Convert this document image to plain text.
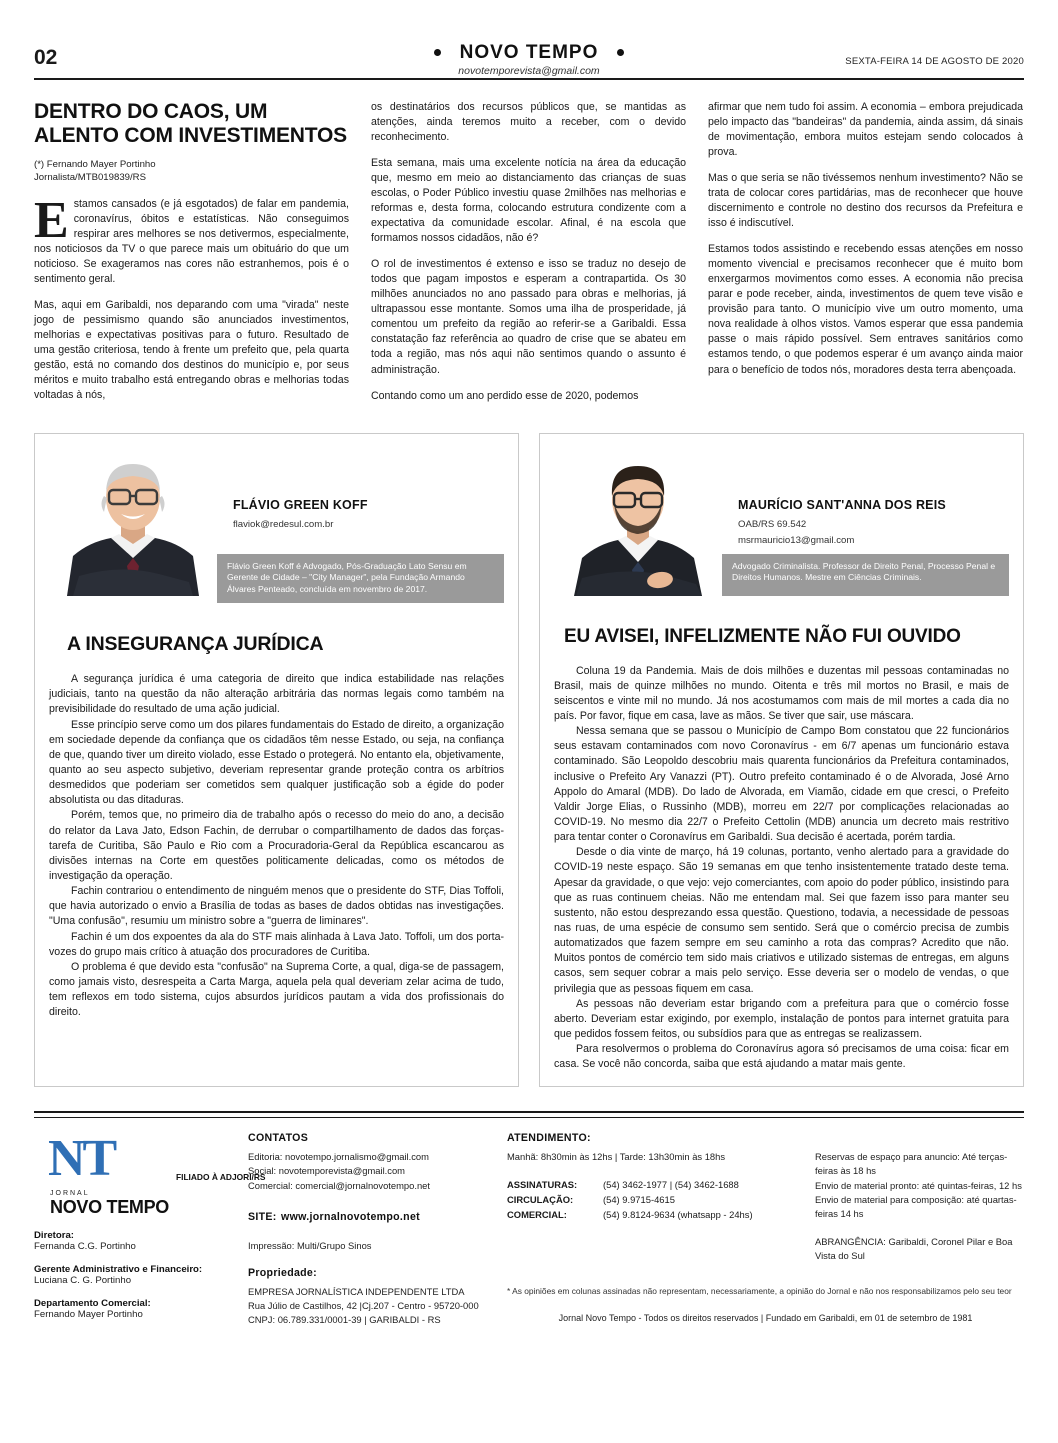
02	NOVO TEMPO
novotemporevista@gmail.com
SEXTA-FEIRA 14 DE AGOSTO DE 2020
DENTRO DO CAOS, UM ALENTO COM INVESTIMENTOS
(*) Fernando Mayer Portinho
Jornalista/MTB019839/RS

Estamos cansados (e já esgotados) de falar em pandemia, coronavírus, óbitos e estatísticas. Não conseguimos respirar ares melhores se nos detivermos, especialmente, nos noticiosos da TV o que parece mais um obituário do que um noticioso. Se exageramos nas cores não estranhemos, pois é o sentimento geral.

Mas, aqui em Garibaldi, nos deparando com uma "virada" neste jogo de pessimismo quando são anunciados investimentos, melhorias e expectativas positivas para o futuro. Resultado de uma gestão criteriosa, tendo à frente um prefeito que, pela quarta gestão, está no comando dos destinos do município e, por seus méritos e muito trabalho está entregando obras e melhorias todas voltadas à nós,

os destinatários dos recursos públicos que, se mantidas as atenções, ainda teremos muito a receber, com o devido reconhecimento.

Esta semana, mais uma excelente notícia na área da educação que, mesmo em meio ao distanciamento das crianças de suas escolas, o Poder Público investiu quase 2milhões nas melhorias e reformas e, desta forma, colocando estrutura condizente com a expectativa da comunidade escolar. Afinal, é na escola que formamos nossos cidadãos, não é?

O rol de investimentos é extenso e isso se traduz no desejo de todos que pagam impostos e esperam a contrapartida. Os 30 milhões anunciados no ano passado para obras e melhorias, já ultrapassou esse montante. Somos uma ilha de prosperidade, já comentou um prefeito da região ao referir-se a Garibaldi. Essa constatação faz referência ao quadro de crise que se abateu em toda a região, mas nós aqui não sentimos quando o assunto é administração.

Contando como um ano perdido esse de 2020, podemos

afirmar que nem tudo foi assim. A economia – embora prejudicada pelo impacto das "bandeiras" da pandemia, ainda assim, dá sinais de movimentação, embora muitos estejam sendo colocados à prova.

Mas o que seria se não tivéssemos nenhum investimento? Não se trata de colocar cores partidárias, mas de reconhecer que houve discernimento e controle no destino dos recursos da Prefeitura e isso é indiscutível.

Estamos todos assistindo e recebendo essas atenções em nosso momento vivencial e precisamos reconhecer que é muito bom enxergarmos movimentos como esses. A economia não precisa parar e pode receber, ainda, investimentos de quem teve visão e provisão para tanto. O município vive um outro momento, uma nova realidade à olhos vistos. Vamos esperar que essa pandemia passe o mais rápido possível. Sem entraves sanitários como estamos tendo, o que podemos esperar é um avanço ainda maior para o benefício de todos nós, moradores desta terra abençoada.

FLÁVIO GREEN KOFF
flaviok@redesul.com.br
Flávio Green Koff é Advogado, Pós-Graduação Lato Sensu em Gerente de Cidade – "City Manager", pela Fundação Armando Álvares Penteado, concluída em novembro de 2017.
A INSEGURANÇA JURÍDICA

A segurança jurídica é uma categoria de direito que indica estabilidade nas relações judiciais, tanto na questão da não alteração arbitrária das normas legais como também na previsibilidade do resultado de uma ação judicial.

Esse princípio serve como um dos pilares fundamentais do Estado de direito, a organização em sociedade depende da confiança que os cidadãos têm nesse Estado, ou seja, na confiança de que, quando tiver um direito violado, esse Estado o protegerá. No entanto ela, objetivamente, quanto ao seu aspecto subjetivo, deveriam representar grande proteção contra os arbítrios desmedidos que poderiam ser cometidos sem qualquer justificação sob a égide do poder absolutista ou das ditaduras.

Porém, temos que, no primeiro dia de trabalho após o recesso do meio do ano, a decisão do relator da Lava Jato, Edson Fachin, de derrubar o compartilhamento de dados das forças-tarefa de Curitiba, São Paulo e Rio com a Procuradoria-Geral da República escancarou as divisões internas na Corte em questões politicamente delicadas, como os métodos de investigação da operação.

Fachin contrariou o entendimento de ninguém menos que o presidente do STF, Dias Toffoli, que havia autorizado o envio a Brasília de todas as bases de dados obtidas nas investigações. "Uma confusão", resumiu um ministro sobre a "guerra de liminares".

Fachin é um dos expoentes da ala do STF mais alinhada à Lava Jato. Toffoli, um dos porta-vozes do grupo mais crítico à atuação dos procuradores de Curitiba.

O problema é que devido esta "confusão" na Suprema Corte, a qual, diga-se de passagem, como jamais visto, desrespeita a Carta Marga, aquela pela qual deveriam zelar acima de tudo, tem reflexos em todo sistema, cujos absurdos jurídicos pautam a vida dos profissionais do direito.

MAURÍCIO SANT'ANNA DOS REIS
OAB/RS 69.542
msrmauricio13@gmail.com
Advogado Criminalista. Professor de Direito Penal, Processo Penal e Direitos Humanos. Mestre em Ciências Criminais.
EU AVISEI, INFELIZMENTE NÃO FUI OUVIDO

Coluna 19 da Pandemia. Mais de dois milhões e duzentas mil pessoas contaminadas no Brasil, mais de quinze milhões no mundo. Oitenta e três mil mortos no Brasil, e mais de seiscentos e vinte mil no mundo. Já nos acostumamos com mais de mil mortes a cada dia no país. Por favor, fique em casa, lave as mãos. Se tiver que sair, use máscara.

Nessa semana que se passou o Município de Campo Bom constatou que 22 funcionários seus estavam contaminados com novo Coronavírus - em 6/7 apenas um funcionário estava contaminado. São Leopoldo descobriu mais quarenta funcionários da Prefeitura contaminados, inclusive o Prefeito Ary Vanazzi (PT). Outro prefeito contaminado é o de Alvorada, José Arno Appolo do Amaral (MDB). Do lado de Alvorada, em Viamão, cidade em que cresci, o Prefeito Valdir Jorge Elias, o Russinho (MDB), morreu em 22/7 por complicações relacionadas ao COVID-19. No mesmo dia 22/7 o Prefeito Cettolin (MDB) anuncia um decreto mais restritivo para tentar conter o Coronavírus em Garibaldi. Sua decisão é acertada, porém tardia.

Desde o dia vinte de março, há 19 colunas, portanto, venho alertado para a gravidade do COVID-19 neste espaço. São 19 semanas em que tenho insistentemente tratado deste tema. Apesar da gravidade, o que vejo: vejo comerciantes, com apoio do poder público, insistindo para que as ruas continuem cheias. Não me entendam mal. Sei que fazem isso para manter seu sustento, não estou desprezando essa questão. Questiono, todavia, a necessidade de pessoas nas ruas, de uma espécie de consumo sem sentido. Será que o comércio precisa de zumbis automatizados que fazem sempre em seu caminho a rota das compras? Acredito que não. Muitos pontos de comércio tem sido mais criativos e utilizado sistemas de entregas, em alguns casos, sem sequer cobrar a mais pelo serviço. Esse deveria ser o modelo de vendas, o que privilegia que as pessoas fiquem em casa.

As pessoas não deveriam estar brigando com a prefeitura para que o comércio fosse aberto. Deveriam estar exigindo, por exemplo, instalação de pontos para internet gratuita para que pedidos fossem feitos, ou subsídios para que as entregas se realizassem.

Para resolvermos o problema do Coronavírus agora só precisamos de uma coisa: ficar em casa. Se você não concorda, saiba que está ajudando a matar mais gente.

NT	FILIADO À ADJORI/RS
JORNAL
NOVO TEMPO
Diretora:
Fernanda C.G. Portinho
Gerente Administrativo e Financeiro:
Luciana C. G. Portinho
Departamento Comercial:
Fernando Mayer Portinho
CONTATOS
Editoria: novotempo.jornalismo@gmail.com
Social: novotemporevista@gmail.com
Comercial: comercial@jornalnovotempo.net
SITE: www.jornalnovotempo.net
Impressão: Multi/Grupo Sinos
Propriedade:
EMPRESA JORNALÍSTICA INDEPENDENTE LTDA
Rua Júlio de Castilhos, 42 |Cj.207 - Centro - 95720-000
CNPJ: 06.789.331/0001-39 | GARIBALDI - RS
ATENDIMENTO:
Manhã: 8h30min às 12hs | Tarde: 13h30min às 18hs
ASSINATURAS:	(54) 3462-1977 | (54) 3462-1688
CIRCULAÇÃO:	(54) 9.9715-4615
COMERCIAL:	(54) 9.8124-9634 (whatsapp - 24hs)
Reservas de espaço para anuncio: Até terças-feiras às 18 hs
Envio de material pronto: até quintas-feiras, 12 hs
Envio de material para composição: até quartas-feiras 14 hs
ABRANGÊNCIA: Garibaldi, Coronel Pilar e Boa Vista do Sul
* As opiniões em colunas assinadas não representam, necessariamente, a opinião do Jornal e não nos responsabilizamos pelo seu teor
Jornal Novo Tempo - Todos os direitos reservados | Fundado em Garibaldi, em 01 de setembro de 1981
